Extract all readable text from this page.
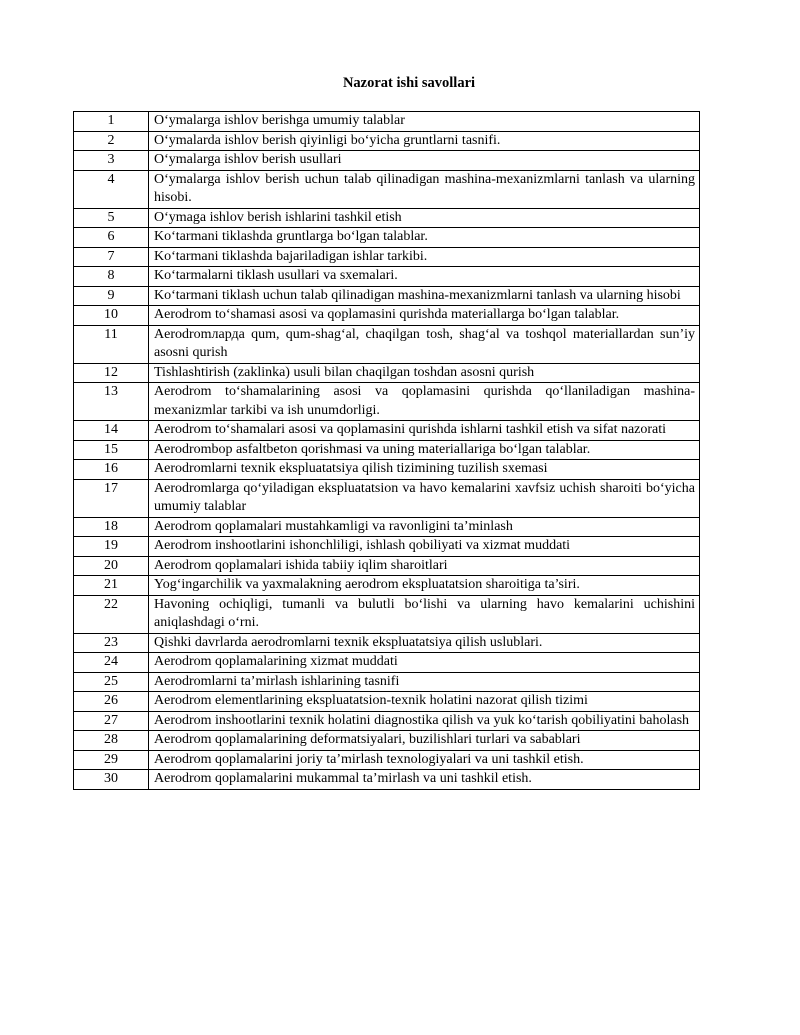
Nazorat ishi savollari
1	O‘ymalarga ishlov berishga umumiy talablar
2	O‘ymalarda ishlov berish qiyinligi bo‘yicha gruntlarni tasnifi.
3	O‘ymalarga ishlov berish usullari
4	O‘ymalarga ishlov berish uchun talab qilinadigan mashina-mexanizmlarni tanlash va ularning hisobi.
5	O‘ymaga ishlov berish ishlarini tashkil etish
6	Ko‘tarmani tiklashda gruntlarga bo‘lgan talablar.
7	Ko‘tarmani tiklashda bajariladigan ishlar tarkibi.
8	Ko‘tarmalarni tiklash usullari va sxemalari.
9	Ko‘tarmani tiklash uchun talab qilinadigan mashina-mexanizmlarni tanlash va ularning hisobi
10	Aerodrom to‘shamasi asosi va qoplamasini qurishda materiallarga bo‘lgan talablar.
11	Aerodromларда qum, qum-shag‘al, chaqilgan tosh, shag‘al va toshqol materiallardan sun’iy asosni qurish
12	Tishlashtirish (zaklinka) usuli bilan chaqilgan toshdan asosni qurish
13	Aerodrom to‘shamalarining asosi va qoplamasini qurishda qo‘llaniladigan mashina-mexanizmlar tarkibi va ish unumdorligi.
14	Aerodrom to‘shamalari asosi va qoplamasini qurishda ishlarni tashkil etish va sifat nazorati
15	Aerodrombop asfaltbeton qorishmasi va uning materiallariga bo‘lgan talablar.
16	Aerodromlarni texnik ekspluatatsiya qilish tizimining tuzilish sxemasi
17	Aerodromlarga qo‘yiladigan ekspluatatsion va havo kemalarini xavfsiz uchish sharoiti bo‘yicha umumiy talablar
18	Aerodrom qoplamalari mustahkamligi va ravonligini ta’minlash
19	Aerodrom inshootlarini ishonchliligi, ishlash qobiliyati va xizmat muddati
20	Aerodrom qoplamalari ishida tabiiy iqlim sharoitlari
21	Yog‘ingarchilik va yaxmalakning aerodrom ekspluatatsion sharoitiga ta’siri.
22	Havoning ochiqligi, tumanli va bulutli bo‘lishi va ularning havo kemalarini uchishini aniqlashdagi o‘rni.
23	Qishki davrlarda aerodromlarni texnik ekspluatatsiya qilish uslublari.
24	Aerodrom qoplamalarining xizmat muddati
25	Aerodromlarni ta’mirlash ishlarining tasnifi
26	Aerodrom elementlarining ekspluatatsion-texnik holatini nazorat qilish tizimi
27	Aerodrom inshootlarini texnik holatini diagnostika qilish va yuk ko‘tarish qobiliyatini baholash
28	Aerodrom qoplamalarining deformatsiyalari, buzilishlari turlari va sabablari
29	Aerodrom qoplamalarini joriy ta’mirlash texnologiyalari va uni tashkil etish.
30	Aerodrom qoplamalarini mukammal ta’mirlash va uni tashkil etish.
